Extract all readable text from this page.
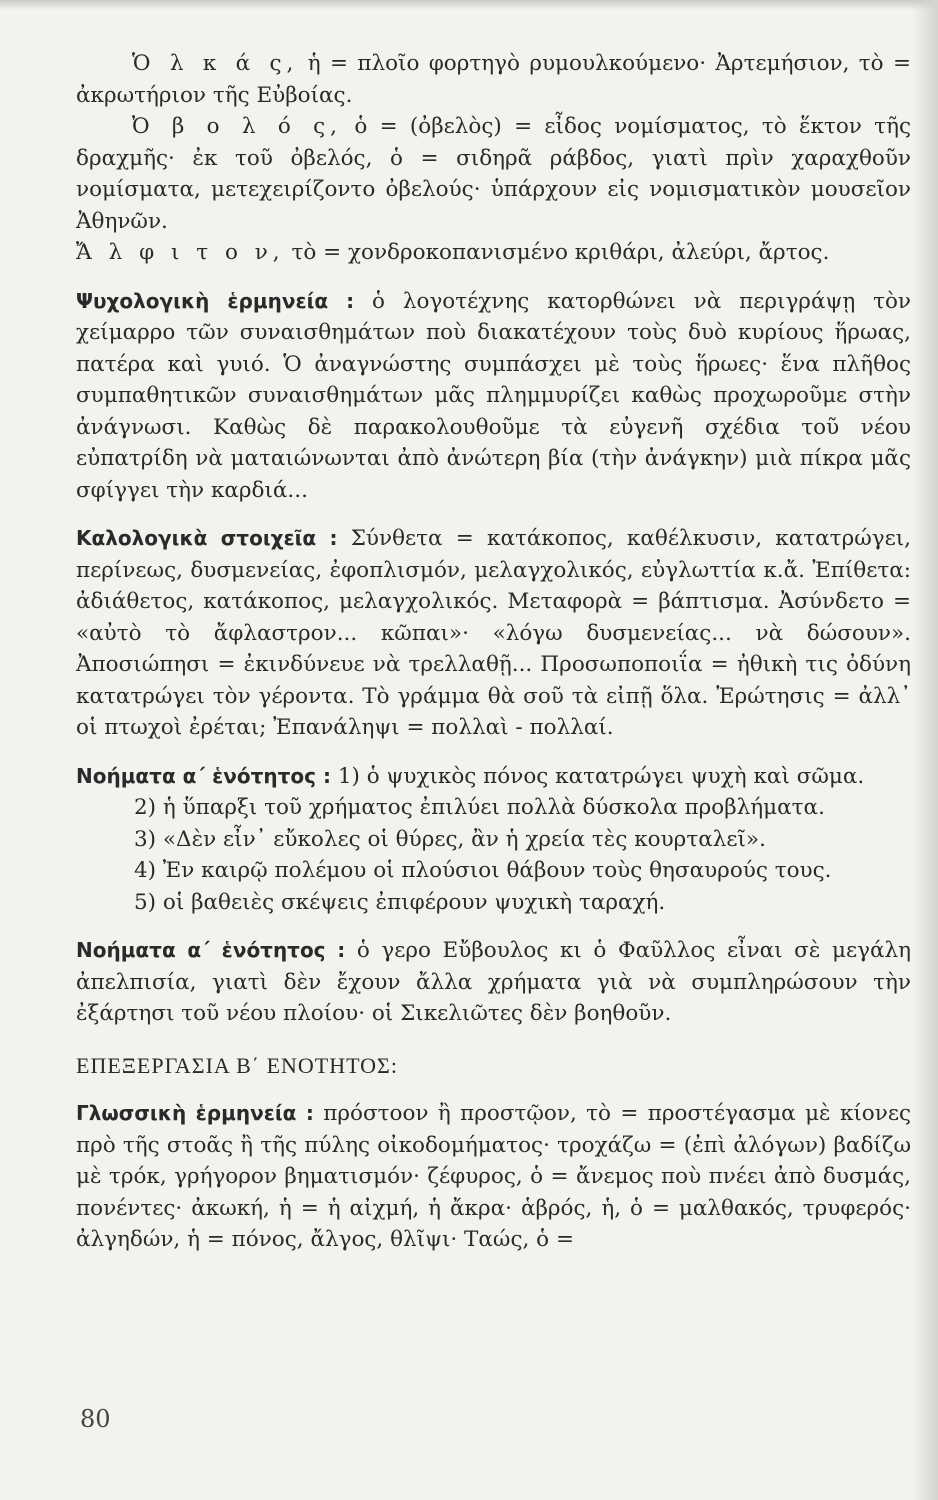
Ὁ λ κ ά ς, ἡ = πλοῖο φορτηγὸ ρυμουλκούμενο· Ἀρτεμήσιον, τὸ = ἀκρωτήριον τῆς Εὐβοίας.

Ὀ β ο λ ό ς, ὁ = (ὀβελὸς) = εἶδος νομίσματος, τὸ ἕκτον τῆς δραχμῆς· ἐκ τοῦ ὀβελός, ὁ = σιδηρᾶ ράβδος, γιατὶ πρὶν χαραχθοῦν νομίσματα, μετεχειρίζοντο ὀβελούς· ὑπάρχουν εἰς νομισματικὸν μουσεῖον Ἀθηνῶν.

Ἄ λ φ ι τ ο ν, τὸ = χονδροκοπανισμένο κριθάρι, ἀλεύρι, ἄρτος.

Ψυχολογικὴ ἑρμηνεία : ὁ λογοτέχνης κατορθώνει νὰ περιγράψῃ τὸν χείμαρρο τῶν συναισθημάτων ποὺ διακατέχουν τοὺς δυὸ κυρίους ἥρωας, πατέρα καὶ γυιό. Ὁ ἀναγνώστης συμπάσχει μὲ τοὺς ἥρωες· ἕνα πλῆθος συμπαθητικῶν συναισθημάτων μᾶς πλημμυρίζει καθὼς προχωροῦμε στὴν ἀνάγνωσι. Καθὼς δὲ παρακολουθοῦμε τὰ εὐγενῆ σχέδια τοῦ νέου εὐπατρίδη νὰ ματαιώνωνται ἀπὸ ἀνώτερη βία (τὴν ἀνάγκην) μιὰ πίκρα μᾶς σφίγγει τὴν καρδιά...

Καλολογικὰ στοιχεῖα : Σύνθετα = κατάκοπος, καθέλκυσιν, κατατρώγει, περίνεως, δυσμενείας, ἐφοπλισμόν, μελαγχολικός, εὐγλωττία κ.ἄ. Ἐπίθετα: ἀδιάθετος, κατάκοπος, μελαγχολικός. Μεταφορὰ = βάπτισμα. Ἀσύνδετο = «αὐτὸ τὸ ἄφλαστρον... κῶπαι»· «λόγω δυσμενείας... νὰ δώσουν». Ἀποσιώπησι = ἐκινδύνευε νὰ τρελλαθῇ... Προσωποποιΐα = ἠθικὴ τις ὀδύνη κατατρώγει τὸν γέροντα. Τὸ γράμμα θὰ σοῦ τὰ εἰπῇ ὅλα. Ἐρώτησις = ἀλλ᾿ οἱ πτωχοὶ ἐρέται; Ἐπανάληψι = πολλαὶ - πολλαί.

Νοήματα α΄ ἑνότητος : 1) ὁ ψυχικὸς πόνος κατατρώγει ψυχὴ καὶ σῶμα.

2) ἡ ὕπαρξι τοῦ χρήματος ἐπιλύει πολλὰ δύσκολα προβλήματα.

3) «Δὲν εἶν᾿ εὔκολες οἱ θύρες, ἂν ἡ χρεία τὲς κουρταλεῖ».

4) Ἐν καιρῷ πολέμου οἱ πλούσιοι θάβουν τοὺς θησαυρούς τους.

5) οἱ βαθειὲς σκέψεις ἐπιφέρουν ψυχικὴ ταραχή.

Νοήματα α΄ ἑνότητος : ὁ γερο Εὔβουλος κι ὁ Φαῦλλος εἶναι σὲ μεγάλη ἀπελπισία, γιατὶ δὲν ἔχουν ἄλλα χρήματα γιὰ νὰ συμπληρώσουν τὴν ἐξάρτησι τοῦ νέου πλοίου· οἱ Σικελιῶτες δὲν βοηθοῦν.

ΕΠΕΞΕΡΓΑΣΙΑ Β΄ ΕΝΟΤΗΤΟΣ:

Γλωσσικὴ ἑρμηνεία : πρόστοον ἢ προστῷον, τὸ = προστέγασμα μὲ κίονες πρὸ τῆς στοᾶς ἢ τῆς πύλης οἰκοδομήματος· τροχάζω = (ἐπὶ ἀλόγων) βαδίζω μὲ τρόκ, γρήγορον βηματισμόν· ζέφυρος, ὁ = ἄνεμος ποὺ πνέει ἀπὸ δυσμάς, πονέντες· ἀκωκή, ἡ = ἡ αἰχμή, ἡ ἄκρα· ἁβρός, ἡ, ὁ = μαλθακός, τρυφερός· ἀλγηδών, ἡ = πόνος, ἄλγος, θλῖψι· Ταώς, ὁ =

80
